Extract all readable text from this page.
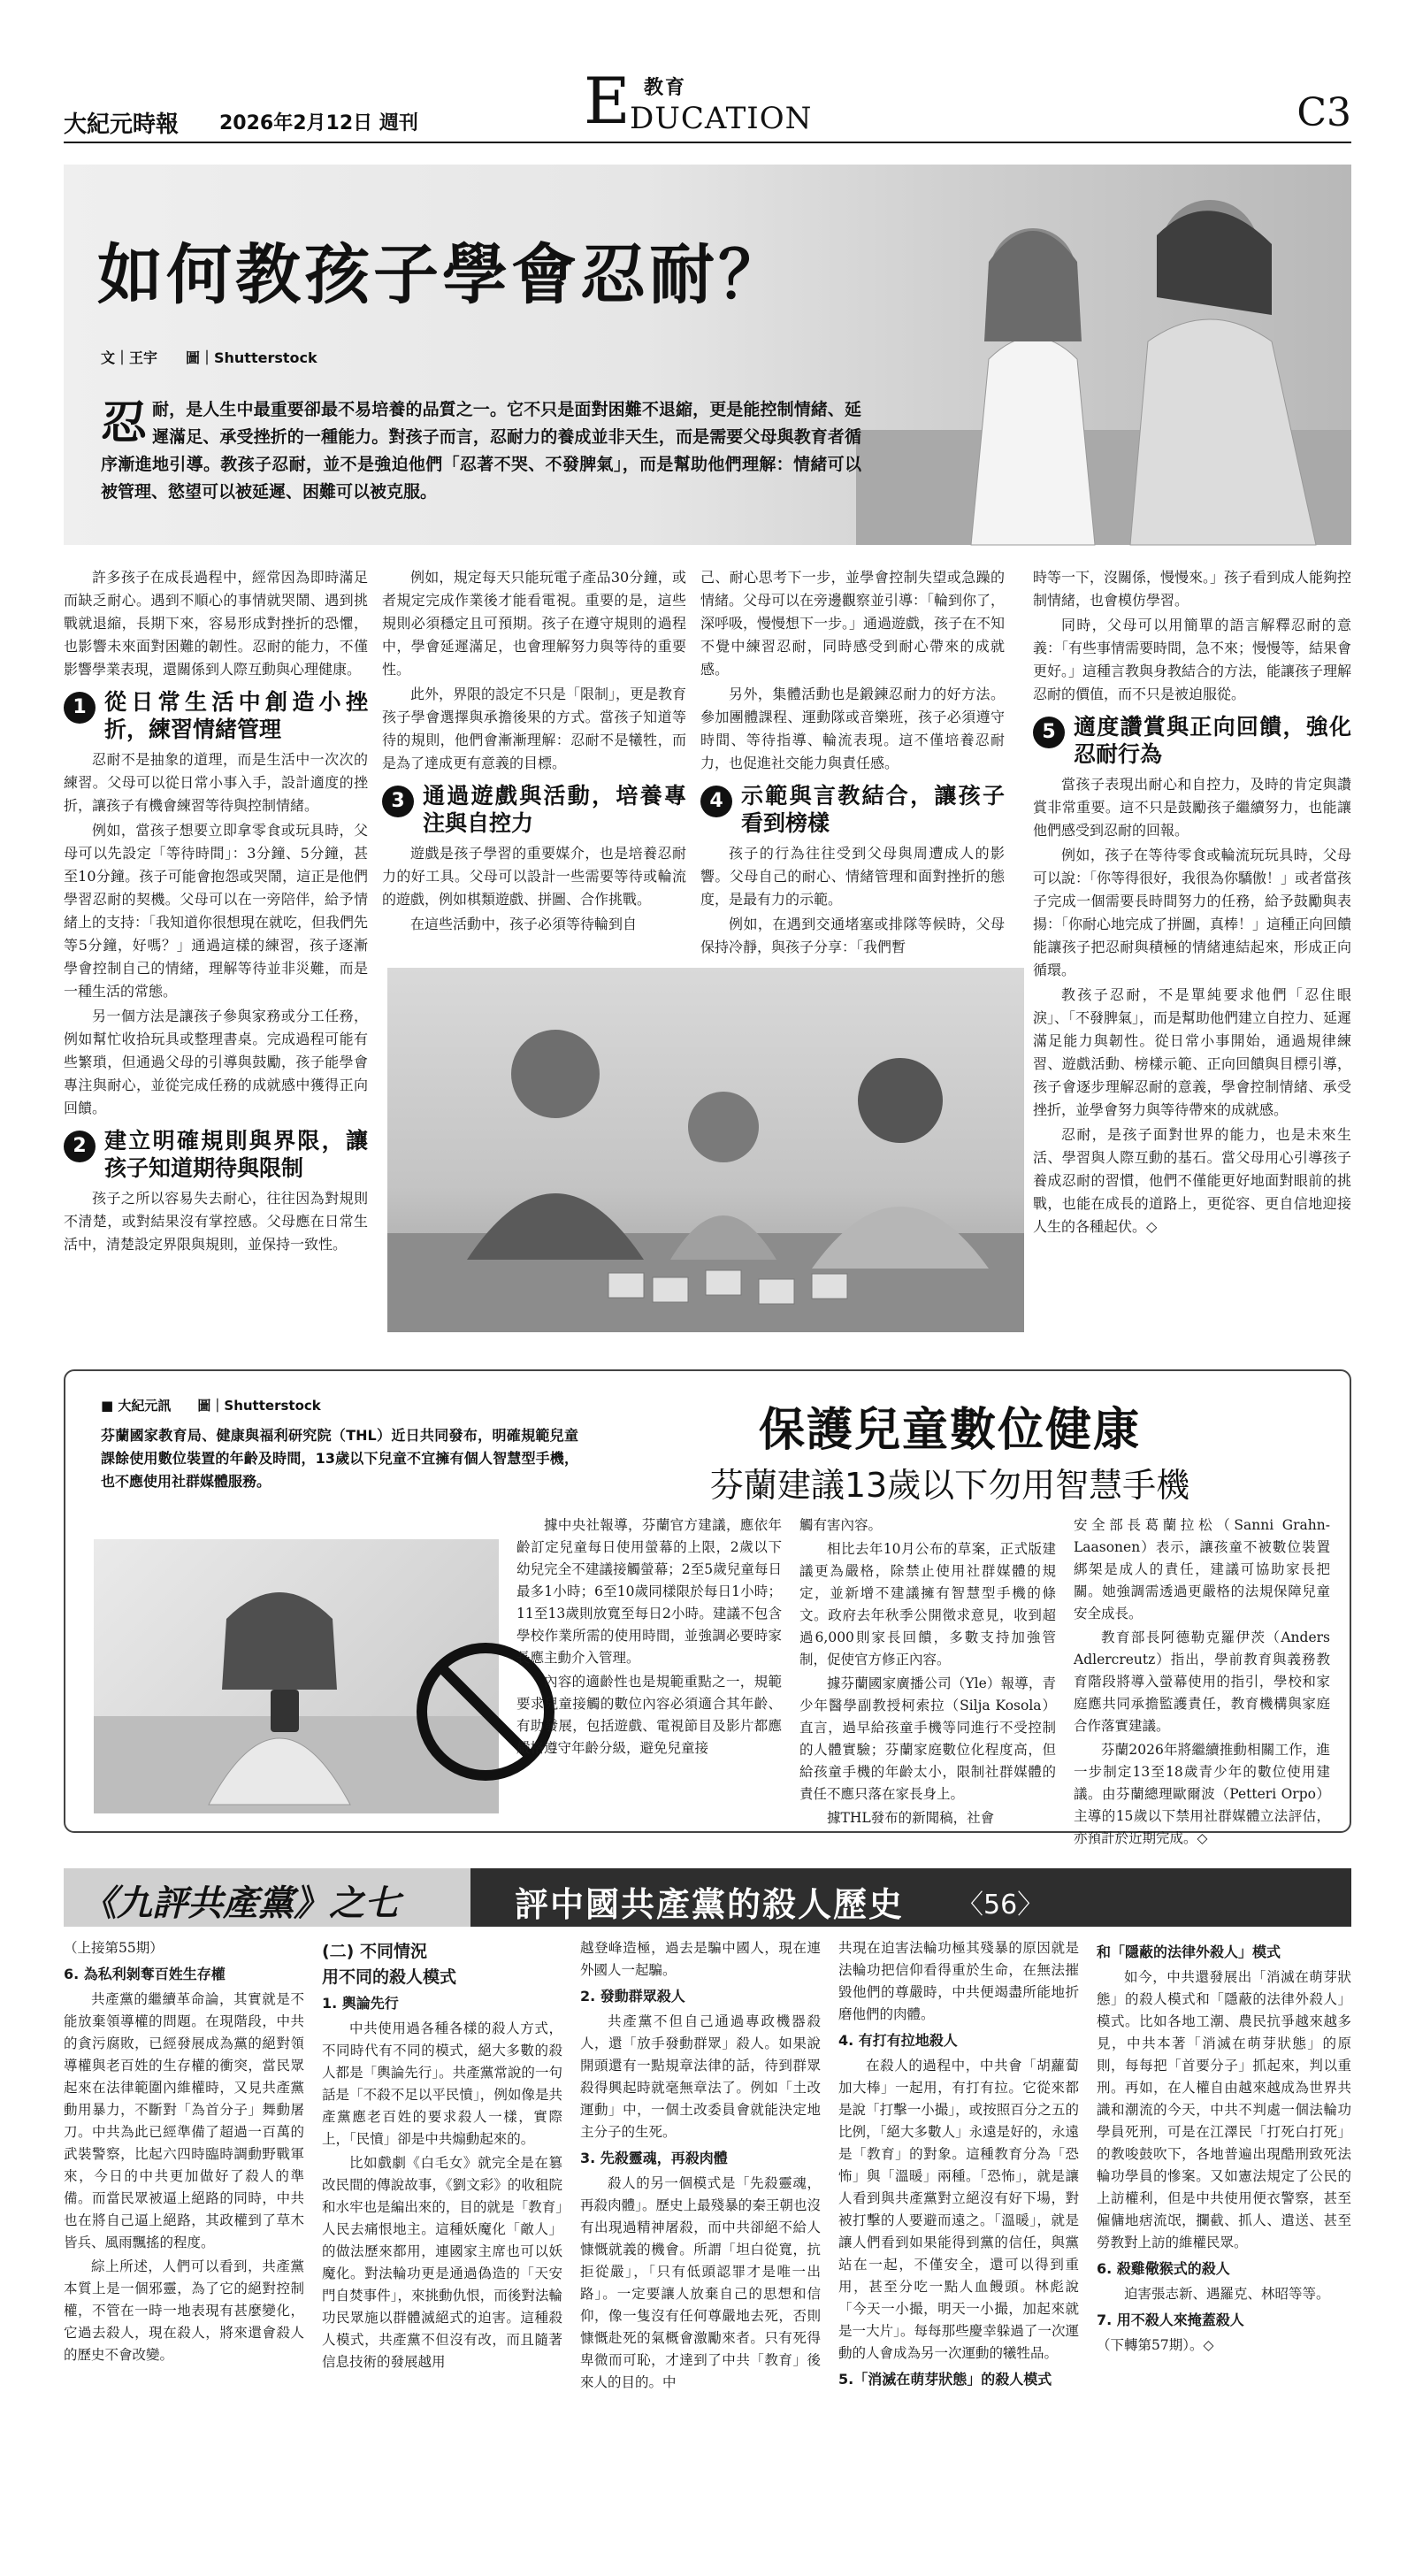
大紀元時報 2026年2月12日 週刊
教育
E DUCATION	C3
如何教孩子學會忍耐？
文｜王宇　　圖｜Shutterstock
忍 耐，是人生中最重要卻最不易培養的品質之一。它不只是面對困難不退縮，更是能控制情緒、延遲滿足、承受挫折的一種能力。對孩子而言，忍耐力的養成並非天生，而是需要父母與教育者循序漸進地引導。教孩子忍耐，並不是強迫他們「忍著不哭、不發脾氣」，而是幫助他們理解：情緒可以被管理、慾望可以被延遲、困難可以被克服。

許多孩子在成長過程中，經常因為即時滿足而缺乏耐心。遇到不順心的事情就哭鬧、遇到挑戰就退縮，長期下來，容易形成對挫折的恐懼，也影響未來面對困難的韌性。忍耐的能力，不僅影響學業表現，還關係到人際互動與心理健康。

1 從日常生活中創造小挫折，練習情緒管理

忍耐不是抽象的道理，而是生活中一次次的練習。父母可以從日常小事入手，設計適度的挫折，讓孩子有機會練習等待與控制情緒。

例如，當孩子想要立即拿零食或玩具時，父母可以先設定「等待時間」：3分鐘、5分鐘，甚至10分鐘。孩子可能會抱怨或哭鬧，這正是他們學習忍耐的契機。父母可以在一旁陪伴，給予情緒上的支持：「我知道你很想現在就吃，但我們先等5分鐘，好嗎？」通過這樣的練習，孩子逐漸學會控制自己的情緒，理解等待並非災難，而是一種生活的常態。

另一個方法是讓孩子參與家務或分工任務，例如幫忙收拾玩具或整理書桌。完成過程可能有些繁瑣，但通過父母的引導與鼓勵，孩子能學會專注與耐心，並從完成任務的成就感中獲得正向回饋。

2 建立明確規則與界限，讓孩子知道期待與限制

孩子之所以容易失去耐心，往往因為對規則不清楚，或對結果沒有掌控感。父母應在日常生活中，清楚設定界限與規則，並保持一致性。

例如，規定每天只能玩電子產品30分鐘，或者規定完成作業後才能看電視。重要的是，這些規則必須穩定且可預期。孩子在遵守規則的過程中，學會延遲滿足，也會理解努力與等待的重要性。

此外，界限的設定不只是「限制」，更是教育孩子學會選擇與承擔後果的方式。當孩子知道等待的規則，他們會漸漸理解：忍耐不是犧牲，而是為了達成更有意義的目標。

3 通過遊戲與活動，培養專注與自控力

遊戲是孩子學習的重要媒介，也是培養忍耐力的好工具。父母可以設計一些需要等待或輪流的遊戲，例如棋類遊戲、拼圖、合作挑戰。

在這些活動中，孩子必須等待輪到自

己、耐心思考下一步，並學會控制失望或急躁的情緒。父母可以在旁邊觀察並引導：「輪到你了，深呼吸，慢慢想下一步。」通過遊戲，孩子在不知不覺中練習忍耐，同時感受到耐心帶來的成就感。

另外，集體活動也是鍛鍊忍耐力的好方法。參加團體課程、運動隊或音樂班，孩子必須遵守時間、等待指導、輪流表現。這不僅培養忍耐力，也促進社交能力與責任感。

4 示範與言教結合，讓孩子看到榜樣

孩子的行為往往受到父母與周遭成人的影響。父母自己的耐心、情緒管理和面對挫折的態度，是最有力的示範。

例如，在遇到交通堵塞或排隊等候時，父母保持冷靜，與孩子分享：「我們暫

時等一下，沒關係，慢慢來。」孩子看到成人能夠控制情緒，也會模仿學習。

同時，父母可以用簡單的語言解釋忍耐的意義：「有些事情需要時間，急不來；慢慢等，結果會更好。」這種言教與身教結合的方法，能讓孩子理解忍耐的價值，而不只是被迫服從。

5 適度讚賞與正向回饋，強化忍耐行為

當孩子表現出耐心和自控力，及時的肯定與讚賞非常重要。這不只是鼓勵孩子繼續努力，也能讓他們感受到忍耐的回報。

例如，孩子在等待零食或輪流玩玩具時，父母可以說：「你等得很好，我很為你驕傲！」或者當孩子完成一個需要長時間努力的任務，給予鼓勵與表揚：「你耐心地完成了拼圖，真棒！」這種正向回饋能讓孩子把忍耐與積極的情緒連結起來，形成正向循環。

教孩子忍耐，不是單純要求他們「忍住眼淚」、「不發脾氣」，而是幫助他們建立自控力、延遲滿足能力與韌性。從日常小事開始，通過規律練習、遊戲活動、榜樣示範、正向回饋與目標引導，孩子會逐步理解忍耐的意義，學會控制情緒、承受挫折，並學會努力與等待帶來的成就感。

忍耐，是孩子面對世界的能力，也是未來生活、學習與人際互動的基石。當父母用心引導孩子養成忍耐的習慣，他們不僅能更好地面對眼前的挑戰，也能在成長的道路上，更從容、更自信地迎接人生的各種起伏。◇

■ 大紀元訊　　圖｜Shutterstock
芬蘭國家教育局、健康與福利研究院（THL）近日共同發布，明確規範兒童課餘使用數位裝置的年齡及時間，13歲以下兒童不宜擁有個人智慧型手機，也不應使用社群媒體服務。
保護兒童數位健康
芬蘭建議13歲以下勿用智慧手機

據中央社報導，芬蘭官方建議，應依年齡訂定兒童每日使用螢幕的上限，2歲以下幼兒完全不建議接觸螢幕；2至5歲兒童每日最多1小時；6至10歲同樣限於每日1小時；11至13歲則放寬至每日2小時。建議不包含學校作業所需的使用時間，並強調必要時家長應主動介入管理。

內容的適齡性也是規範重點之一，規範要求兒童接觸的數位內容必須適合其年齡、有助發展，包括遊戲、電視節目及影片都應嚴格遵守年齡分級，避免兒童接

觸有害內容。

相比去年10月公布的草案，正式版建議更為嚴格，除禁止使用社群媒體的規定，並新增不建議擁有智慧型手機的條文。政府去年秋季公開徵求意見，收到超過6,000則家長回饋，多數支持加強管制，促使官方修正內容。

據芬蘭國家廣播公司（Yle）報導，青少年醫學副教授柯索拉（Silja Kosola）直言，過早給孩童手機等同進行不受控制的人體實驗；芬蘭家庭數位化程度高，但給孩童手機的年齡太小，限制社群媒體的責任不應只落在家長身上。

據THL發布的新聞稿，社會

安全部長葛蘭拉松（Sanni Grahn-Laasonen）表示，讓孩童不被數位裝置綁架是成人的責任，建議可協助家長把關。她強調需透過更嚴格的法規保障兒童安全成長。

教育部長阿德勒克羅伊茨（Anders Adlercreutz）指出，學前教育與義務教育階段將導入螢幕使用的指引，學校和家庭應共同承擔監護責任，教育機構與家庭合作落實建議。

芬蘭2026年將繼續推動相關工作，進一步制定13至18歲青少年的數位使用建議。由芬蘭總理歐爾波（Petteri Orpo）主導的15歲以下禁用社群媒體立法評估，亦預計於近期完成。◇

《九評共產黨》之七	評中國共產黨的殺人歷史 〈56〉

（上接第55期）

6. 為私利剝奪百姓生存權

共產黨的繼續革命論，其實就是不能放棄領導權的問題。在現階段，中共的貪污腐敗，已經發展成為黨的絕對領導權與老百姓的生存權的衝突，當民眾起來在法律範圍內維權時，又見共產黨動用暴力，不斷對「為首分子」舞動屠刀。中共為此已經準備了超過一百萬的武裝警察，比起六四時臨時調動野戰軍來，今日的中共更加做好了殺人的準備。而當民眾被逼上絕路的同時，中共也在將自己逼上絕路，其政權到了草木皆兵、風雨飄搖的程度。

綜上所述，人們可以看到，共產黨本質上是一個邪靈，為了它的絕對控制權，不管在一時一地表現有甚麼變化，它過去殺人，現在殺人，將來還會殺人的歷史不會改變。

(二) 不同情況
用不同的殺人模式
1. 輿論先行

中共使用過各種各樣的殺人方式，不同時代有不同的模式，絕大多數的殺人都是「輿論先行」。共產黨常說的一句話是「不殺不足以平民憤」，例如像是共產黨應老百姓的要求殺人一樣，實際上，「民憤」卻是中共煽動起來的。

比如戲劇《白毛女》就完全是在篡改民間的傳說故事，《劉文彩》的收租院和水牢也是編出來的，目的就是「教育」人民去痛恨地主。這種妖魔化「敵人」的做法歷來都用，連國家主席也可以妖魔化。對法輪功更是通過偽造的「天安門自焚事件」，來挑動仇恨，而後對法輪功民眾施以群體滅絕式的迫害。這種殺人模式，共產黨不但沒有改，而且隨著信息技術的發展越用

越登峰造極，過去是騙中國人，現在連外國人一起騙。

2. 發動群眾殺人

共產黨不但自己通過專政機器殺人，還「放手發動群眾」殺人。如果說開頭還有一點規章法律的話，待到群眾殺得興起時就毫無章法了。例如「土改運動」中，一個土改委員會就能決定地主分子的生死。

3. 先殺靈魂，再殺肉體

殺人的另一個模式是「先殺靈魂，再殺肉體」。歷史上最殘暴的秦王朝也沒有出現過精神屠殺，而中共卻絕不給人慷慨就義的機會。所謂「坦白從寬，抗拒從嚴」，「只有低頭認罪才是唯一出路」。一定要讓人放棄自己的思想和信仰，像一隻沒有任何尊嚴地去死，否則慷慨赴死的氣概會激勵來者。只有死得卑微而可恥，才達到了中共「教育」後來人的目的。中

共現在迫害法輪功極其殘暴的原因就是法輪功把信仰看得重於生命，在無法摧毀他們的尊嚴時，中共便竭盡所能地折磨他們的肉體。

4. 有打有拉地殺人

在殺人的過程中，中共會「胡蘿蔔加大棒」一起用，有打有拉。它從來都是說「打擊一小撮」，或按照百分之五的比例，「絕大多數人」永遠是好的，永遠是「教育」的對象。這種教育分為「恐怖」與「溫暖」兩種。「恐怖」，就是讓人看到與共產黨對立絕沒有好下場，對被打擊的人要避而遠之。「溫暖」，就是讓人們看到如果能得到黨的信任，與黨站在一起，不僅安全，還可以得到重用，甚至分吃一點人血饅頭。林彪說「今天一小撮，明天一小撮，加起來就是一大片」。每每那些慶幸躲過了一次運動的人會成為另一次運動的犧牲品。

5.「消滅在萌芽狀態」的殺人模式
和「隱蔽的法律外殺人」模式

如今，中共還發展出「消滅在萌芽狀態」的殺人模式和「隱蔽的法律外殺人」模式。比如各地工潮、農民抗爭越來越多見，中共本著「消滅在萌芽狀態」的原則，每每把「首要分子」抓起來，判以重刑。再如，在人權自由越來越成為世界共識和潮流的今天，中共不判處一個法輪功學員死刑，可是在江澤民「打死白打死」的教唆鼓吹下，各地普遍出現酷刑致死法輪功學員的慘案。又如憲法規定了公民的上訪權利，但是中共使用便衣警察，甚至僱傭地痞流氓，攔截、抓人、遣送、甚至勞教對上訪的維權民眾。

6. 殺雞儆猴式的殺人

迫害張志新、遇羅克、林昭等等。

7. 用不殺人來掩蓋殺人

（下轉第57期）。◇
